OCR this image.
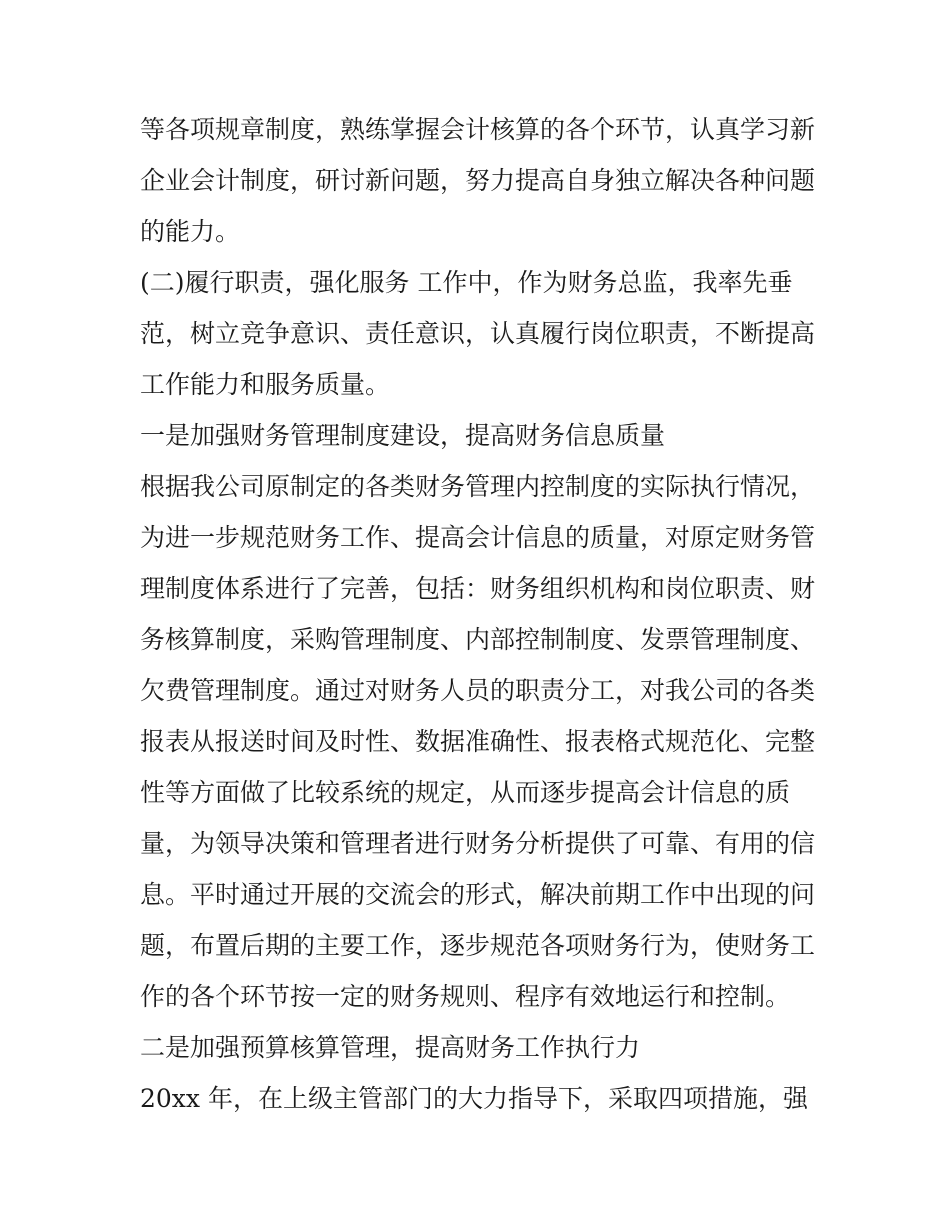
等各项规章制度，熟练掌握会计核算的各个环节，认真学习新
企业会计制度，研讨新问题，努力提高自身独立解决各种问题
的能力。
(二)履行职责，强化服务 工作中，作为财务总监，我率先垂
范，树立竞争意识、责任意识，认真履行岗位职责，不断提高
工作能力和服务质量。
一是加强财务管理制度建设，提高财务信息质量
根据我公司原制定的各类财务管理内控制度的实际执行情况，
为进一步规范财务工作、提高会计信息的质量，对原定财务管
理制度体系进行了完善，包括：财务组织机构和岗位职责、财
务核算制度，采购管理制度、内部控制制度、发票管理制度、
欠费管理制度。通过对财务人员的职责分工，对我公司的各类
报表从报送时间及时性、数据准确性、报表格式规范化、完整
性等方面做了比较系统的规定，从而逐步提高会计信息的质
量，为领导决策和管理者进行财务分析提供了可靠、有用的信
息。平时通过开展的交流会的形式，解决前期工作中出现的问
题，布置后期的主要工作，逐步规范各项财务行为，使财务工
作的各个环节按一定的财务规则、程序有效地运行和控制。
二是加强预算核算管理，提高财务工作执行力
20xx 年，在上级主管部门的大力指导下，采取四项措施，强
